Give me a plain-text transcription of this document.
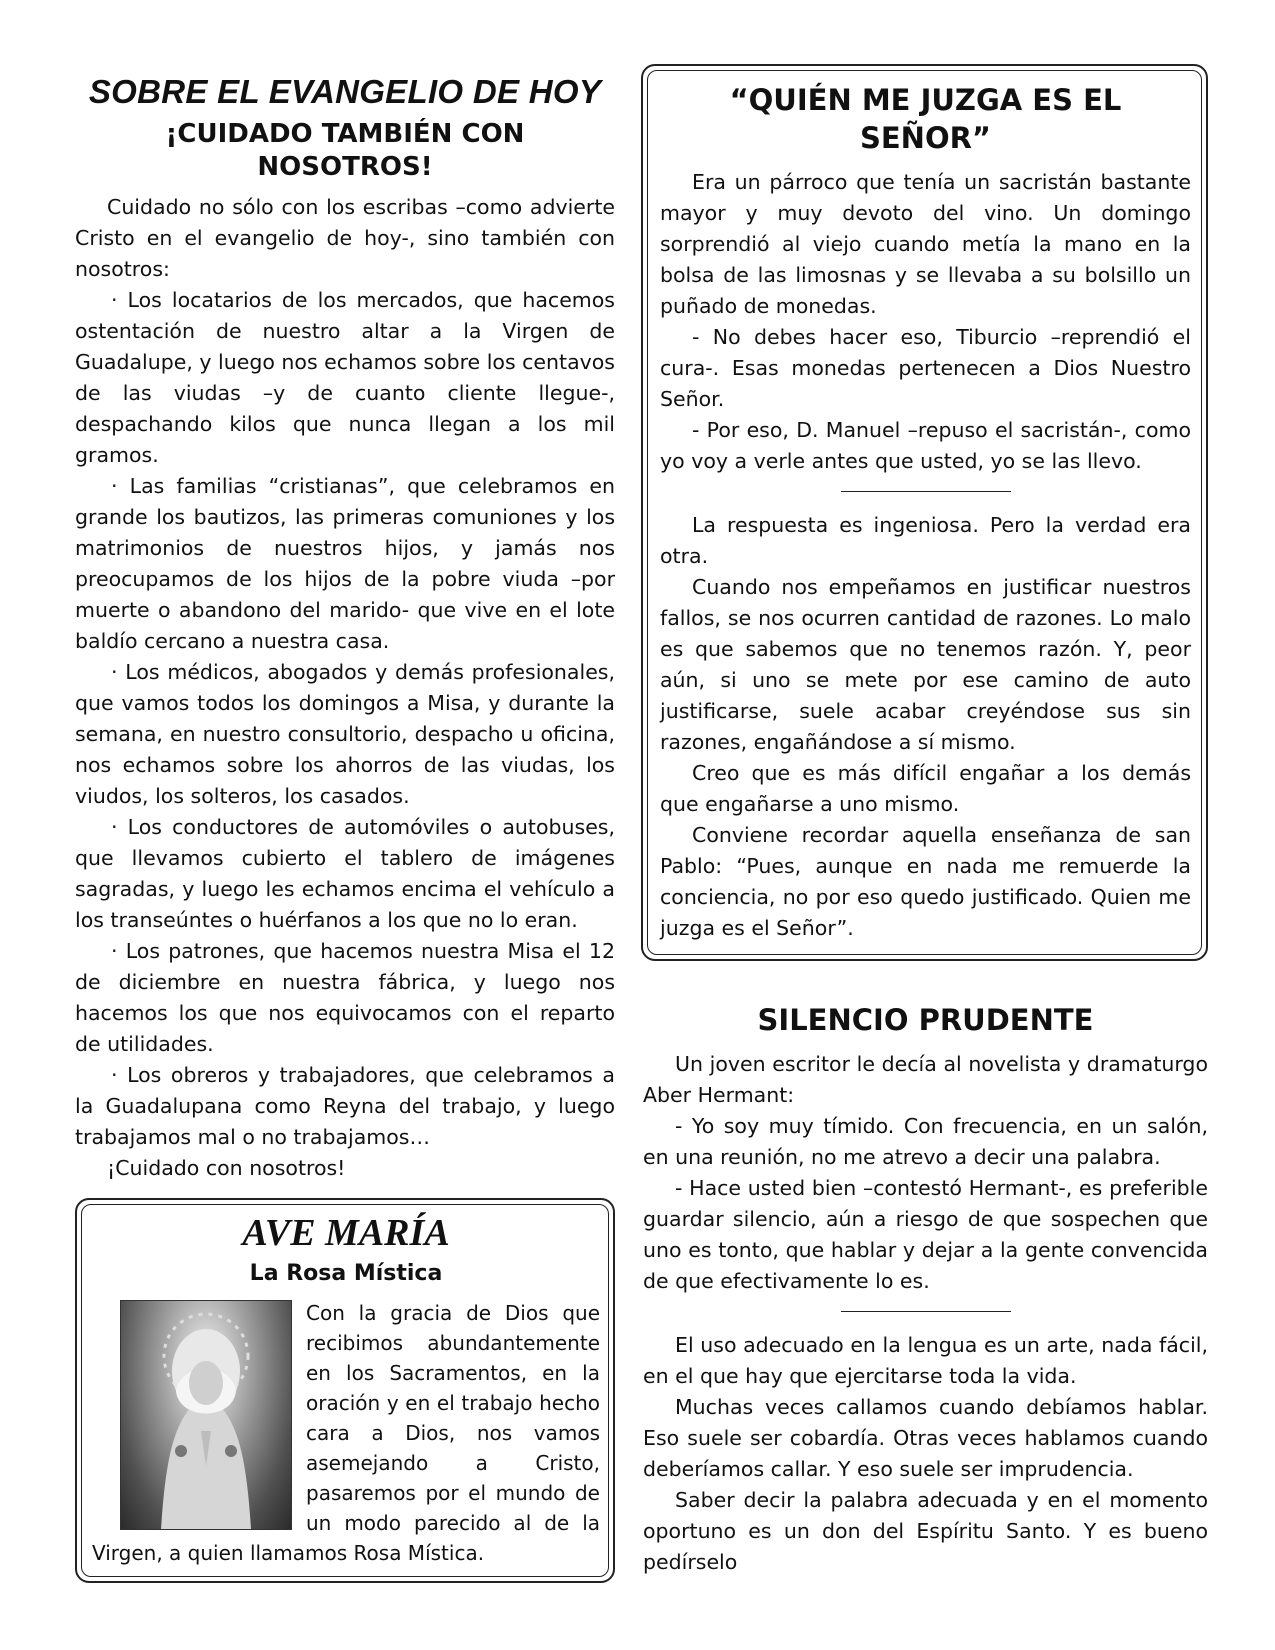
SOBRE EL EVANGELIO DE HOY
¡CUIDADO TAMBIÉN CON NOSOTROS!

Cuidado no sólo con los escribas –como advierte Cristo en el evangelio de hoy-, sino también con nosotros:

· Los locatarios de los mercados, que hacemos ostentación de nuestro altar a la Virgen de Guadalupe, y luego nos echamos sobre los centavos de las viudas –y de cuanto cliente llegue-, despachando kilos que nunca llegan a los mil gramos.

· Las familias “cristianas”, que celebramos en grande los bautizos, las primeras comuniones y los matrimonios de nuestros hijos, y jamás nos preocupamos de los hijos de la pobre viuda –por muerte o abandono del marido- que vive en el lote baldío cercano a nuestra casa.

· Los médicos, abogados y demás profesionales, que vamos todos los domingos a Misa, y durante la semana, en nuestro consultorio, despacho u oficina, nos echamos sobre los ahorros de las viudas, los viudos, los solteros, los casados.

· Los conductores de automóviles o autobuses, que llevamos cubierto el tablero de imágenes sagradas, y luego les echamos encima el vehículo a los transeúntes o huérfanos a los que no lo eran.

· Los patrones, que hacemos nuestra Misa el 12 de diciembre en nuestra fábrica, y luego nos hacemos los que nos equivocamos con el reparto de utilidades.

· Los obreros y trabajadores, que celebramos a la Guadalupana como Reyna del trabajo, y luego trabajamos mal o no trabajamos…

¡Cuidado con nosotros!

AVE MARÍA
La Rosa Mística
Con la gracia de Dios que recibimos abundantemente en los Sacramentos, en la oración y en el trabajo hecho cara a Dios, nos vamos asemejando a Cristo, pasaremos por el mundo de un modo parecido al de la Virgen, a quien llamamos Rosa Mística.
“QUIÉN ME JUZGA ES EL SEÑOR”

Era un párroco que tenía un sacristán bastante mayor y muy devoto del vino. Un domingo sorprendió al viejo cuando metía la mano en la bolsa de las limosnas y se llevaba a su bolsillo un puñado de monedas.

- No debes hacer eso, Tiburcio –reprendió el cura-. Esas monedas pertenecen a Dios Nuestro Señor.

- Por eso, D. Manuel –repuso el sacristán-, como yo voy a verle antes que usted, yo se las llevo.

La respuesta es ingeniosa. Pero la verdad era otra.

Cuando nos empeñamos en justificar nuestros fallos, se nos ocurren cantidad de razones. Lo malo es que sabemos que no tenemos razón. Y, peor aún, si uno se mete por ese camino de auto justificarse, suele acabar creyéndose sus sin razones, engañándose a sí mismo.

Creo que es más difícil engañar a los demás que engañarse a uno mismo.

Conviene recordar aquella enseñanza de san Pablo: “Pues, aunque en nada me remuerde la conciencia, no por eso quedo justificado. Quien me juzga es el Señor”.

SILENCIO PRUDENTE

Un joven escritor le decía al novelista y dramaturgo Aber Hermant:

- Yo soy muy tímido. Con frecuencia, en un salón, en una reunión, no me atrevo a decir una palabra.

- Hace usted bien –contestó Hermant-, es preferible guardar silencio, aún a riesgo de que sospechen que uno es tonto, que hablar y dejar a la gente convencida de que efectivamente lo es.

El uso adecuado en la lengua es un arte, nada fácil, en el que hay que ejercitarse toda la vida.

Muchas veces callamos cuando debíamos hablar. Eso suele ser cobardía. Otras veces hablamos cuando deberíamos callar. Y eso suele ser imprudencia.

Saber decir la palabra adecuada y en el momento oportuno es un don del Espíritu Santo. Y es bueno pedírselo
